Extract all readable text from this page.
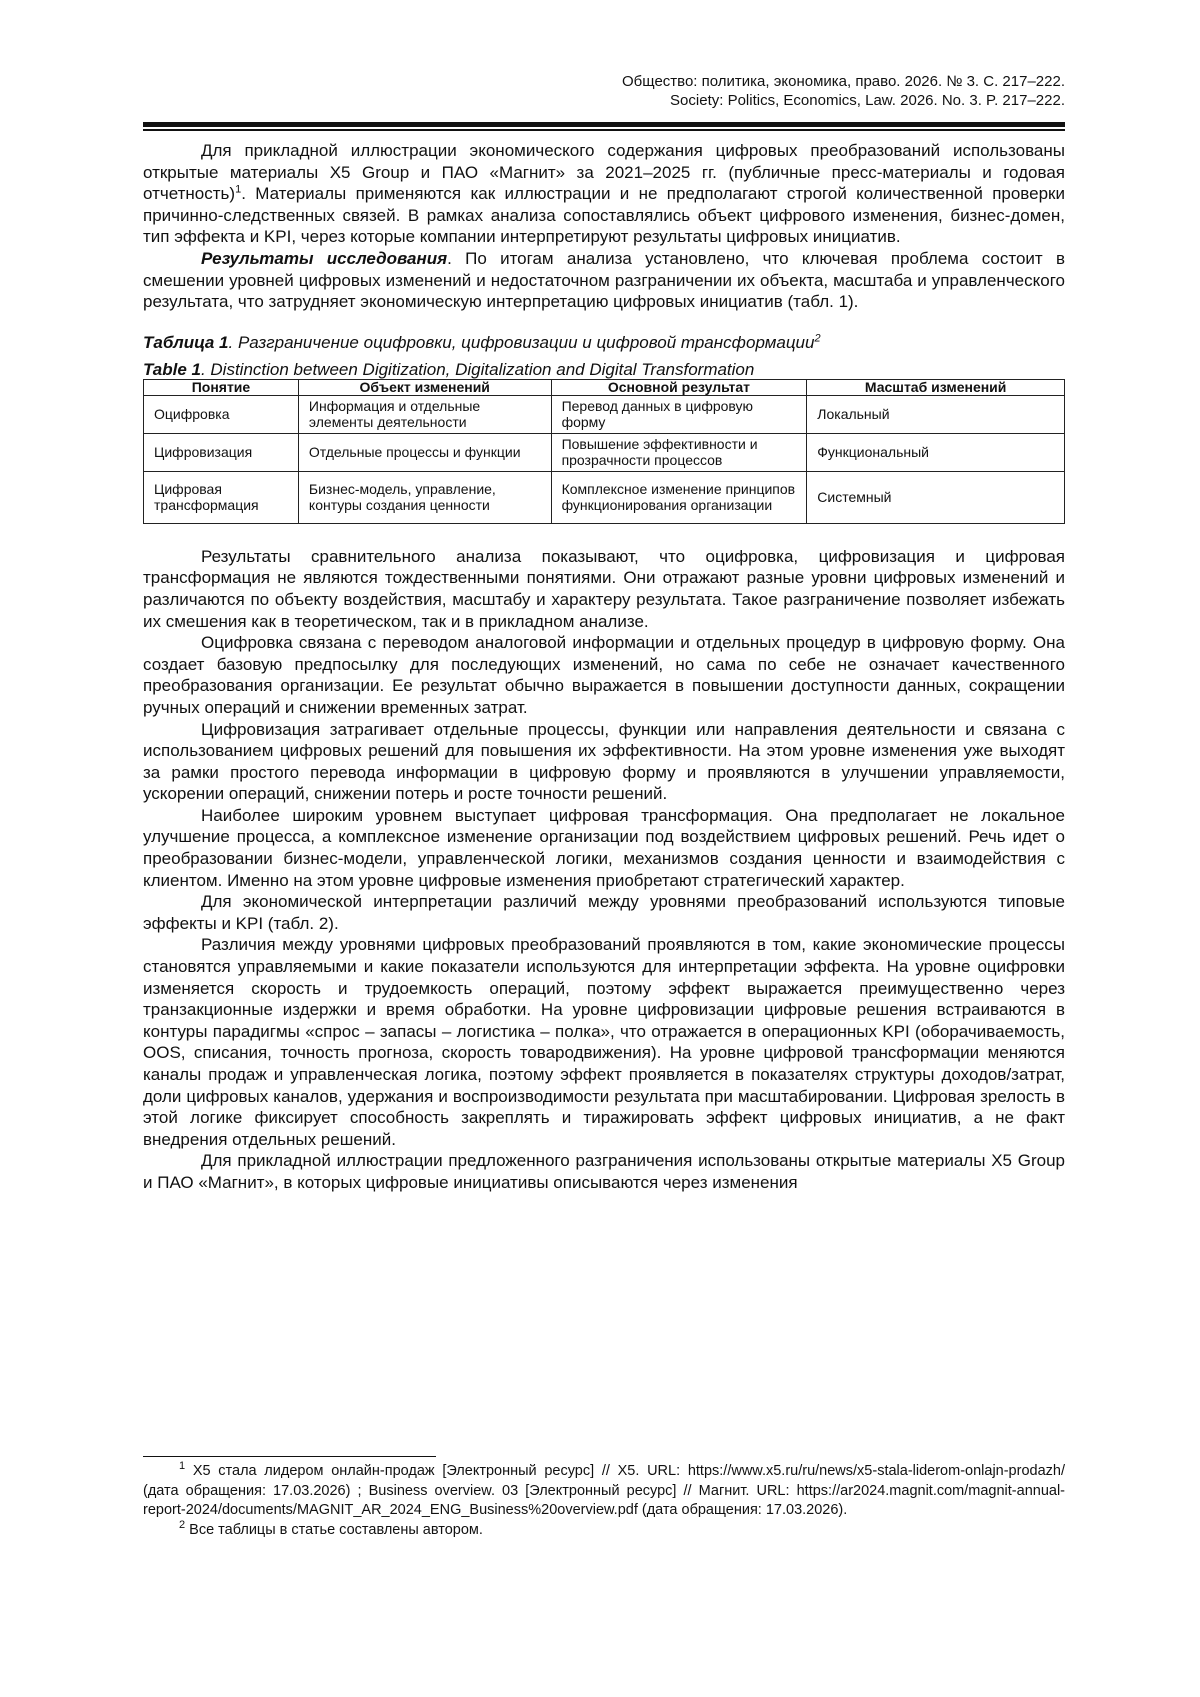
Общество: политика, экономика, право. 2026. № 3. С. 217–222.
Society: Politics, Economics, Law. 2026. No. 3. P. 217–222.

Для прикладной иллюстрации экономического содержания цифровых преобразований использованы открытые материалы X5 Group и ПАО «Магнит» за 2021–2025 гг. (публичные пресс-материалы и годовая отчетность)$^1$. Материалы применяются как иллюстрации и не предполагают строгой количественной проверки причинно-следственных связей. В рамках анализа сопоставлялись объект цифрового изменения, бизнес-домен, тип эффекта и KPI, через которые компании интерпретируют результаты цифровых инициатив.

Результаты исследования. По итогам анализа установлено, что ключевая проблема состоит в смешении уровней цифровых изменений и недостаточном разграничении их объекта, масштаба и управленческого результата, что затрудняет экономическую интерпретацию цифровых инициатив (табл. 1).

Таблица 1. Разграничение оцифровки, цифровизации и цифровой трансформации$^2$

Table 1. Distinction between Digitization, Digitalization and Digital Transformation

Понятие	Объект изменений	Основной результат	Масштаб изменений
Оцифровка	Информация и отдельные элементы деятельности	Перевод данных в цифровую форму	Локальный
Цифровизация	Отдельные процессы и функции	Повышение эффективности и прозрачности процессов	Функциональный
Цифровая трансформация	Бизнес-модель, управление, контуры создания ценности	Комплексное изменение принципов функционирования организации	Системный

Результаты сравнительного анализа показывают, что оцифровка, цифровизация и цифровая трансформация не являются тождественными понятиями. Они отражают разные уровни цифровых изменений и различаются по объекту воздействия, масштабу и характеру результата. Такое разграничение позволяет избежать их смешения как в теоретическом, так и в прикладном анализе.

Оцифровка связана с переводом аналоговой информации и отдельных процедур в цифровую форму. Она создает базовую предпосылку для последующих изменений, но сама по себе не означает качественного преобразования организации. Ее результат обычно выражается в повышении доступности данных, сокращении ручных операций и снижении временных затрат.

Цифровизация затрагивает отдельные процессы, функции или направления деятельности и связана с использованием цифровых решений для повышения их эффективности. На этом уровне изменения уже выходят за рамки простого перевода информации в цифровую форму и проявляются в улучшении управляемости, ускорении операций, снижении потерь и росте точности решений.

Наиболее широким уровнем выступает цифровая трансформация. Она предполагает не локальное улучшение процесса, а комплексное изменение организации под воздействием цифровых решений. Речь идет о преобразовании бизнес-модели, управленческой логики, механизмов создания ценности и взаимодействия с клиентом. Именно на этом уровне цифровые изменения приобретают стратегический характер.

Для экономической интерпретации различий между уровнями преобразований используются типовые эффекты и KPI (табл. 2).

Различия между уровнями цифровых преобразований проявляются в том, какие экономические процессы становятся управляемыми и какие показатели используются для интерпретации эффекта. На уровне оцифровки изменяется скорость и трудоемкость операций, поэтому эффект выражается преимущественно через транзакционные издержки и время обработки. На уровне цифровизации цифровые решения встраиваются в контуры парадигмы «спрос – запасы – логистика – полка», что отражается в операционных KPI (оборачиваемость, OOS, списания, точность прогноза, скорость товародвижения). На уровне цифровой трансформации меняются каналы продаж и управленческая логика, поэтому эффект проявляется в показателях структуры доходов/затрат, доли цифровых каналов, удержания и воспроизводимости результата при масштабировании. Цифровая зрелость в этой логике фиксирует способность закреплять и тиражировать эффект цифровых инициатив, а не факт внедрения отдельных решений.

Для прикладной иллюстрации предложенного разграничения использованы открытые материалы X5 Group и ПАО «Магнит», в которых цифровые инициативы описываются через изменения

$^1$ X5 стала лидером онлайн-продаж [Электронный ресурс] // X5. URL: https://www.x5.ru/ru/news/x5-stala-liderom-onlajn-prodazh/ (дата обращения: 17.03.2026) ; Business overview. 03 [Электронный ресурс] // Магнит. URL: https://ar2024.magnit.com/magnit-annual-report-2024/documents/MAGNIT_AR_2024_ENG_Business%20overview.pdf (дата обращения: 17.03.2026).

$^2$ Все таблицы в статье составлены автором.
